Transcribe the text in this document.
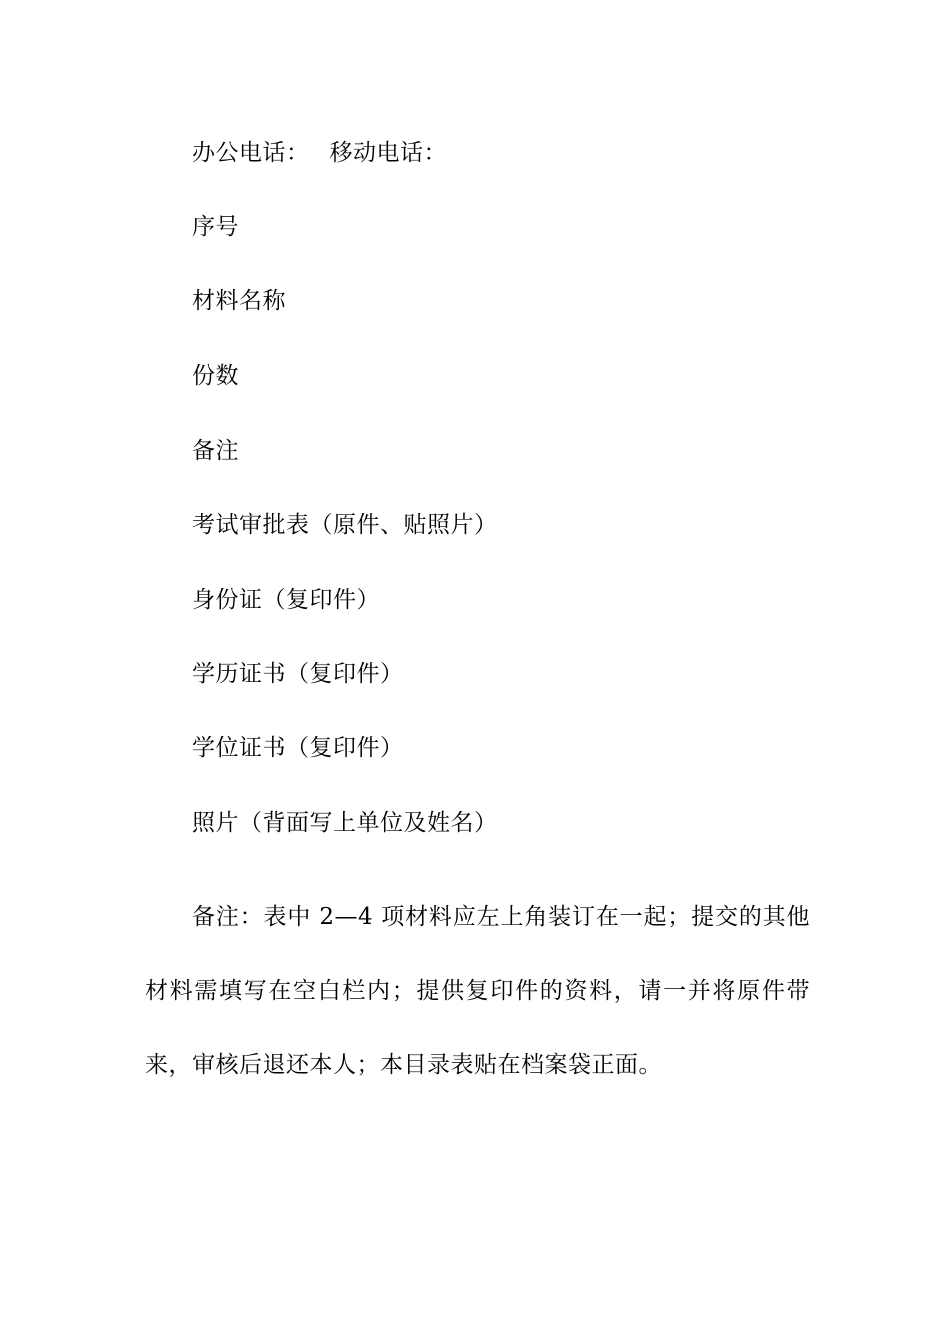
办公电话： 移动电话：
序号
材料名称
份数
备注
考试审批表（原件、贴照片）
身份证（复印件）
学历证书（复印件）
学位证书（复印件）
照片（背面写上单位及姓名）
备注：表中 2—4 项材料应左上角装订在一起；提交的其他材料需填写在空白栏内；提供复印件的资料，请一并将原件带来，审核后退还本人；本目录表贴在档案袋正面。
